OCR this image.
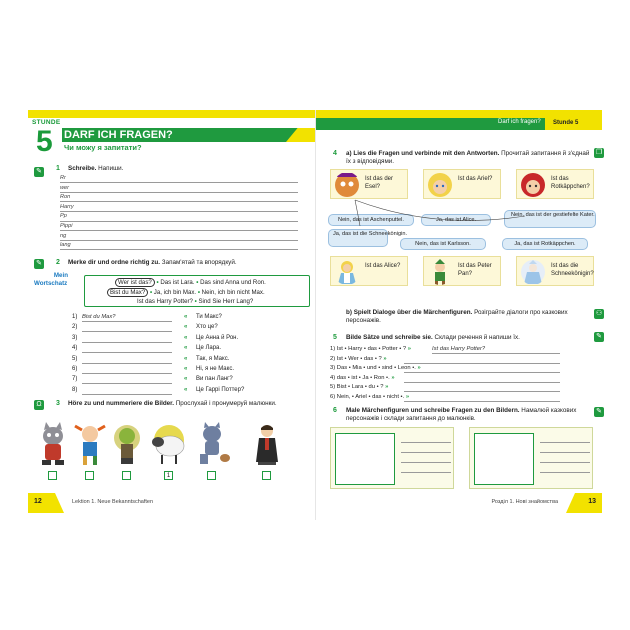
Darf ich fragen? Stunde 5
STUNDE
5 DARF ICH FRAGEN?
Чи можу я запитати?
✎ 1 Schreibe. Напиши.
Rr
wer
Ron
Harry
Pp
Pippi
ng
lang
✎ 2 Merke dir und ordne richtig zu. Запам'ятай та впорядкуй.
Mein
Wortschatz	Wer ist das? • Das ist Lara. • Das sind Anna und Ron.
Bist du Max? • Ja, ich bin Max. • Nein, ich bin nicht Max.
Ist das Harry Potter? • Sind Sie Herr Lang?
1) Bist du Max?	« Ти Макс?
2)	« Хто це?
3)	« Це Анна й Рон.
4)	« Це Лара.
5)	« Так, я Макс.
6)	« Ні, я не Макс.
7)	« Ви пан Ланг?
8)	« Це Гаррі Поттер?
Ω	3 Höre zu und nummeriere die Bilder. Прослухай і пронумеруй малюнки.
1
12	Lektion 1. Neue Bekanntschaften
❐
4 a) Lies die Fragen und verbinde mit den Antworten. Прочитай запитання й з'єднай їх з відповідями.
Ist das der Esel?
Ist das Ariel?	Ist das Rotkäppchen?
Nein, das ist Aschenputtel.	Ja, das ist Alice.
Nein, das ist der gestiefelte Kater.
Ja, das ist die Schneekönigin.
Nein, das ist Karlsson.	Ja, das ist Rotkäppchen.
Ist das Alice?	Ist das Peter Pan?
Ist das die Schneekönigin?
b) Spielt Dialoge über die Märchenfiguren. Розіграйте діалоги про казкових персонажів.
⚇
✎
5 Bilde Sätze und schreibe sie. Склади речення й напиши їх.
1) Ist • Harry • das • Potter • ? »	Ist das Harry Potter?
2) Ist • Wer • das • ? »
3) Das • Mia • und • sind • Leon •. »
4) das • ist • Ja • Ron •. »
5) Bist • Lara • du • ? »
6) Nein, • Ariel • das • nicht •. »
✎
6 Male Märchenfiguren und schreibe Fragen zu den Bildern. Намалюй казкових персонажів і склади запитання до малюнків.
13
Розділ 1. Нові знайомства
